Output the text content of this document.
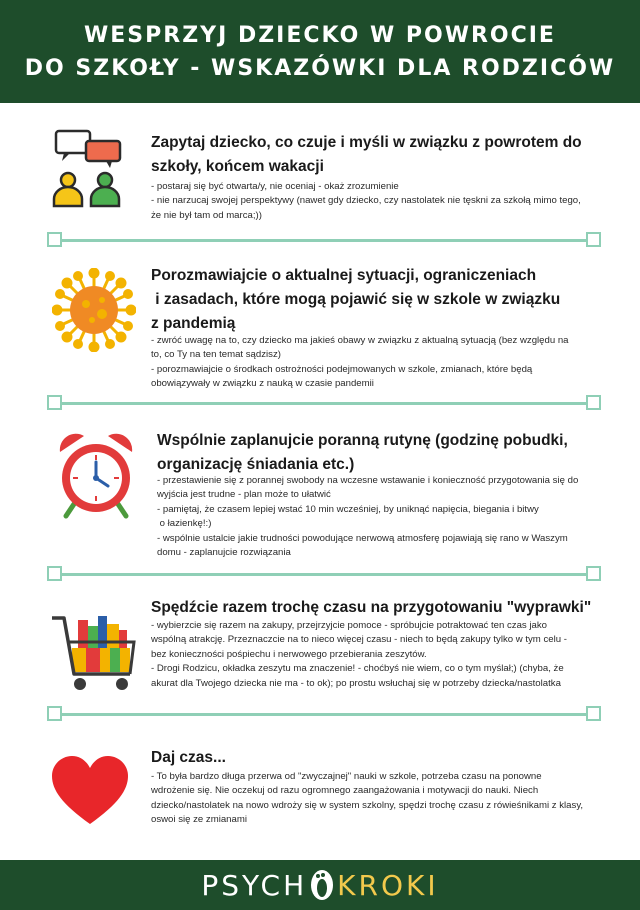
WESPRZYJ DZIECKO W POWROCIE
DO SZKOŁY - WSKAZÓWKI DLA RODZICÓW
Zapytaj dziecko, co czuje i myśli w związku z powrotem do
szkoły, końcem wakacji
- postaraj się być otwarta/y, nie oceniaj - okaż zrozumienie
- nie narzucaj swojej perspektywy (nawet gdy dziecko, czy nastolatek nie tęskni za szkołą mimo tego,
że nie był tam od marca;))
Porozmawiajcie o aktualnej sytuacji, ograniczeniach
i zasadach, które mogą pojawić się w szkole w związku
z pandemią
- zwróć uwagę na to, czy dziecko ma jakieś obawy w związku z aktualną sytuacją (bez względu na
to, co Ty na ten temat sądzisz)
- porozmawiajcie o środkach ostrożności podejmowanych w szkole, zmianach, które będą
obowiązywały w związku z nauką w czasie pandemii
Wspólnie zaplanujcie poranną rutynę (godzinę pobudki,
organizację śniadania etc.)
- przestawienie się z porannej swobody na wczesne wstawanie i konieczność przygotowania się do
wyjścia jest trudne - plan może to ułatwić
- pamiętaj, że czasem lepiej wstać 10 min wcześniej, by uniknąć napięcia, biegania i bitwy
o łazienkę!:)
- wspólnie ustalcie jakie trudności powodujące nerwową atmosferę pojawiają się rano w Waszym
domu - zaplanujcie rozwiązania
Spędźcie razem trochę czasu na przygotowaniu "wyprawki"
- wybierzcie się razem na zakupy, przejrzyjcie pomoce - spróbujcie potraktować ten czas jako
wspólną atrakcję. Przeznaczcie na to nieco więcej czasu - niech to będą zakupy tylko w tym celu -
bez konieczności pośpiechu i nerwowego przebierania zeszytów.
- Drogi Rodzicu, okładka zeszytu ma znaczenie! - choćbyś nie wiem, co o tym myślał;) (chyba, że
akurat dla Twojego dziecka nie ma - to ok); po prostu wsłuchaj się w potrzeby dziecka/nastolatka
Daj czas...
- To była bardzo długa przerwa od "zwyczajnej" nauki w szkole, potrzeba czasu na ponowne
wdrożenie się. Nie oczekuj od razu ogromnego zaangażowania i motywacji do nauki. Niech
dziecko/nastolatek na nowo wdroży się w system szkolny, spędzi trochę czasu z rówieśnikami z klasy,
oswoi się ze zmianami
PSYCH KROKI
